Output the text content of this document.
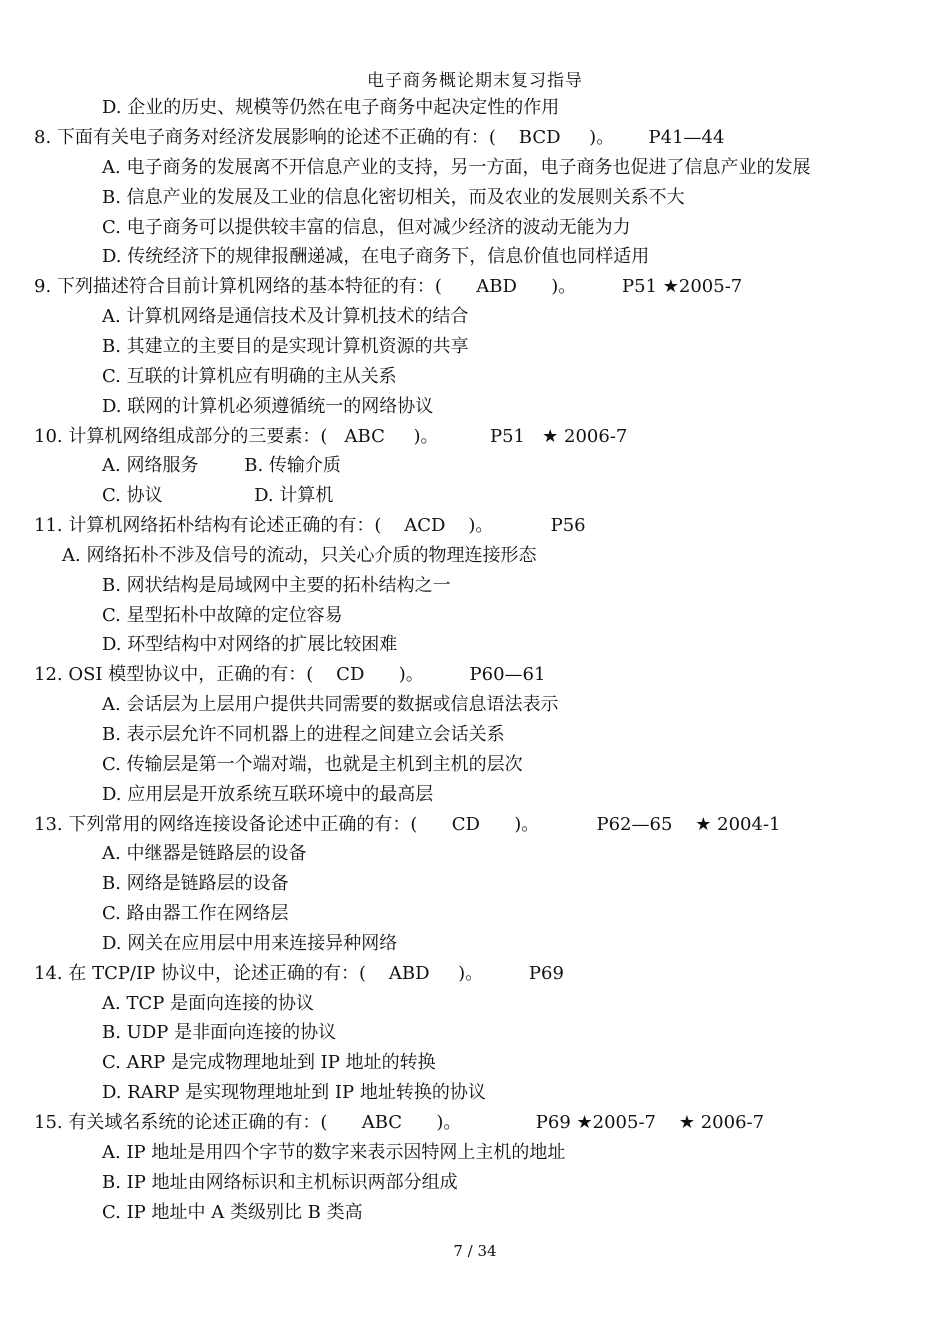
电子商务概论期末复习指导
D. 企业的历史、规模等仍然在电子商务中起决定性的作用
8. 下面有关电子商务对经济发展影响的论述不正确的有：(    BCD     )。      P41—44
A. 电子商务的发展离不开信息产业的支持，另一方面，电子商务也促进了信息产业的发展
B. 信息产业的发展及工业的信息化密切相关，而及农业的发展则关系不大
C. 电子商务可以提供较丰富的信息，但对减少经济的波动无能为力
D. 传统经济下的规律报酬递减，在电子商务下，信息价值也同样适用
9. 下列描述符合目前计算机网络的基本特征的有：(      ABD      )。        P51 ★2005-7
A. 计算机网络是通信技术及计算机技术的结合
B. 其建立的主要目的是实现计算机资源的共享
C. 互联的计算机应有明确的主从关系
D. 联网的计算机必须遵循统一的网络协议
10. 计算机网络组成部分的三要素：(   ABC     )。         P51   ★ 2006-7
A. 网络服务        B. 传输介质
C. 协议                D. 计算机
11. 计算机网络拓朴结构有论述正确的有：(    ACD    )。          P56
A. 网络拓朴不涉及信号的流动，只关心介质的物理连接形态
B. 网状结构是局域网中主要的拓朴结构之一
C. 星型拓朴中故障的定位容易
D. 环型结构中对网络的扩展比较困难
12. OSI 模型协议中，正确的有：(    CD      )。        P60—61
A. 会话层为上层用户提供共同需要的数据或信息语法表示
B. 表示层允许不同机器上的进程之间建立会话关系
C. 传输层是第一个端对端，也就是主机到主机的层次
D. 应用层是开放系统互联环境中的最高层
13. 下列常用的网络连接设备论述中正确的有：(      CD      )。          P62—65    ★ 2004-1
A. 中继器是链路层的设备
B. 网络是链路层的设备
C. 路由器工作在网络层
D. 网关在应用层中用来连接异种网络
14. 在 TCP/IP 协议中，论述正确的有：(    ABD     )。        P69
A. TCP 是面向连接的协议
B. UDP 是非面向连接的协议
C. ARP 是完成物理地址到 IP 地址的转换
D. RARP 是实现物理地址到 IP 地址转换的协议
15. 有关域名系统的论述正确的有：(      ABC      )。             P69 ★2005-7    ★ 2006-7
A. IP 地址是用四个字节的数字来表示因特网上主机的地址
B. IP 地址由网络标识和主机标识两部分组成
C. IP 地址中 A 类级别比 B 类高
7 / 34
